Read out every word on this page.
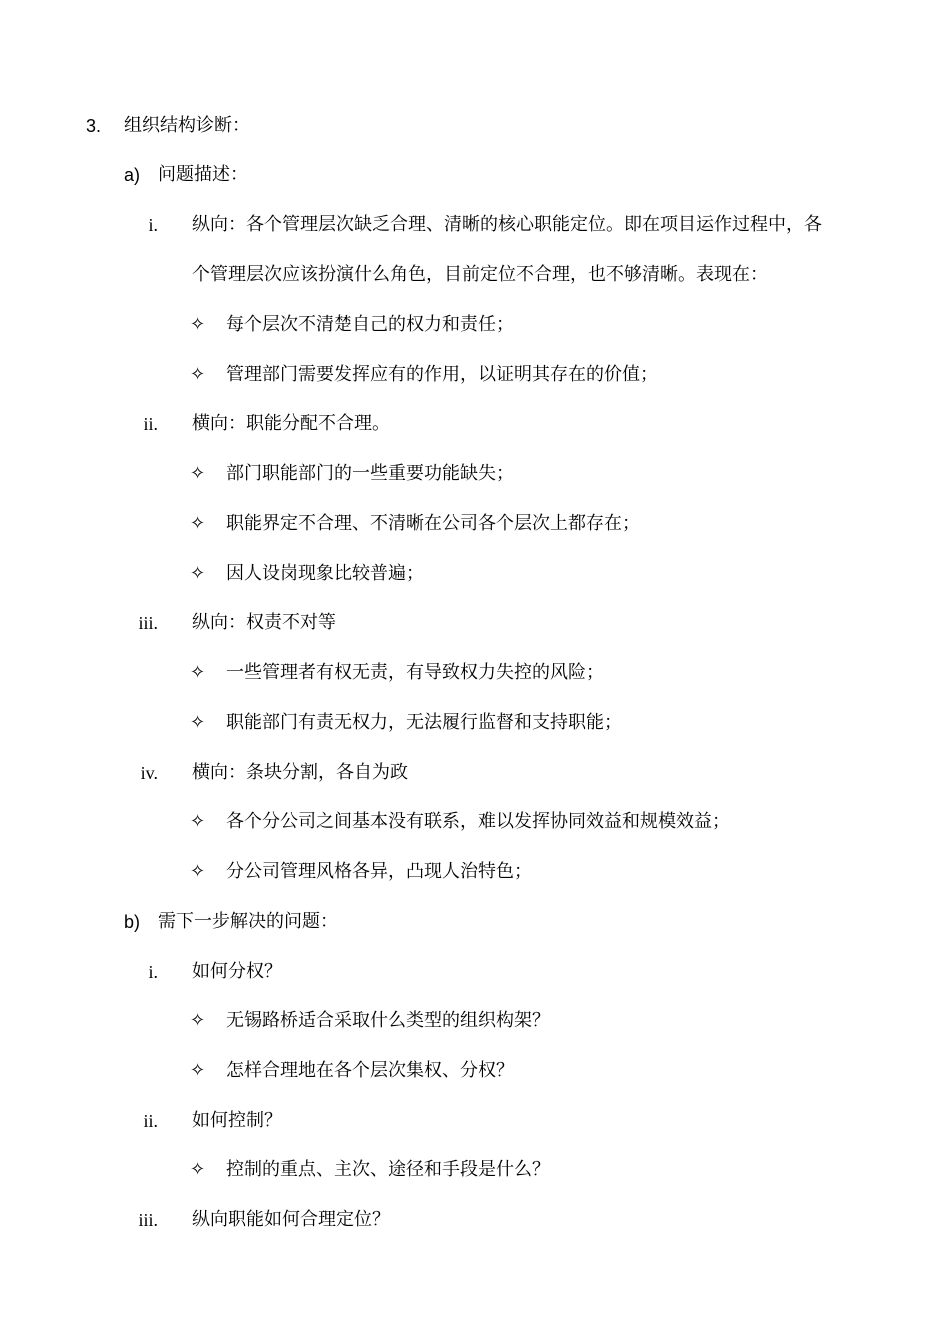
3.	组织结构诊断：
a) 问题描述：
i. 纵向：各个管理层次缺乏合理、清晰的核心职能定位。即在项目运作过程中，各
个管理层次应该扮演什么角色，目前定位不合理，也不够清晰。表现在：
✧ 每个层次不清楚自己的权力和责任；
✧ 管理部门需要发挥应有的作用，以证明其存在的价值；
ii. 横向：职能分配不合理。
✧ 部门职能部门的一些重要功能缺失；
✧ 职能界定不合理、不清晰在公司各个层次上都存在；
✧ 因人设岗现象比较普遍；
iii. 纵向：权责不对等
✧ 一些管理者有权无责，有导致权力失控的风险；
✧ 职能部门有责无权力，无法履行监督和支持职能；
iv. 横向：条块分割，各自为政
✧ 各个分公司之间基本没有联系，难以发挥协同效益和规模效益；
✧ 分公司管理风格各异，凸现人治特色；
b) 需下一步解决的问题：
i. 如何分权？
✧ 无锡路桥适合采取什么类型的组织构架？
✧ 怎样合理地在各个层次集权、分权？
ii. 如何控制？
✧ 控制的重点、主次、途径和手段是什么？
iii. 纵向职能如何合理定位？
